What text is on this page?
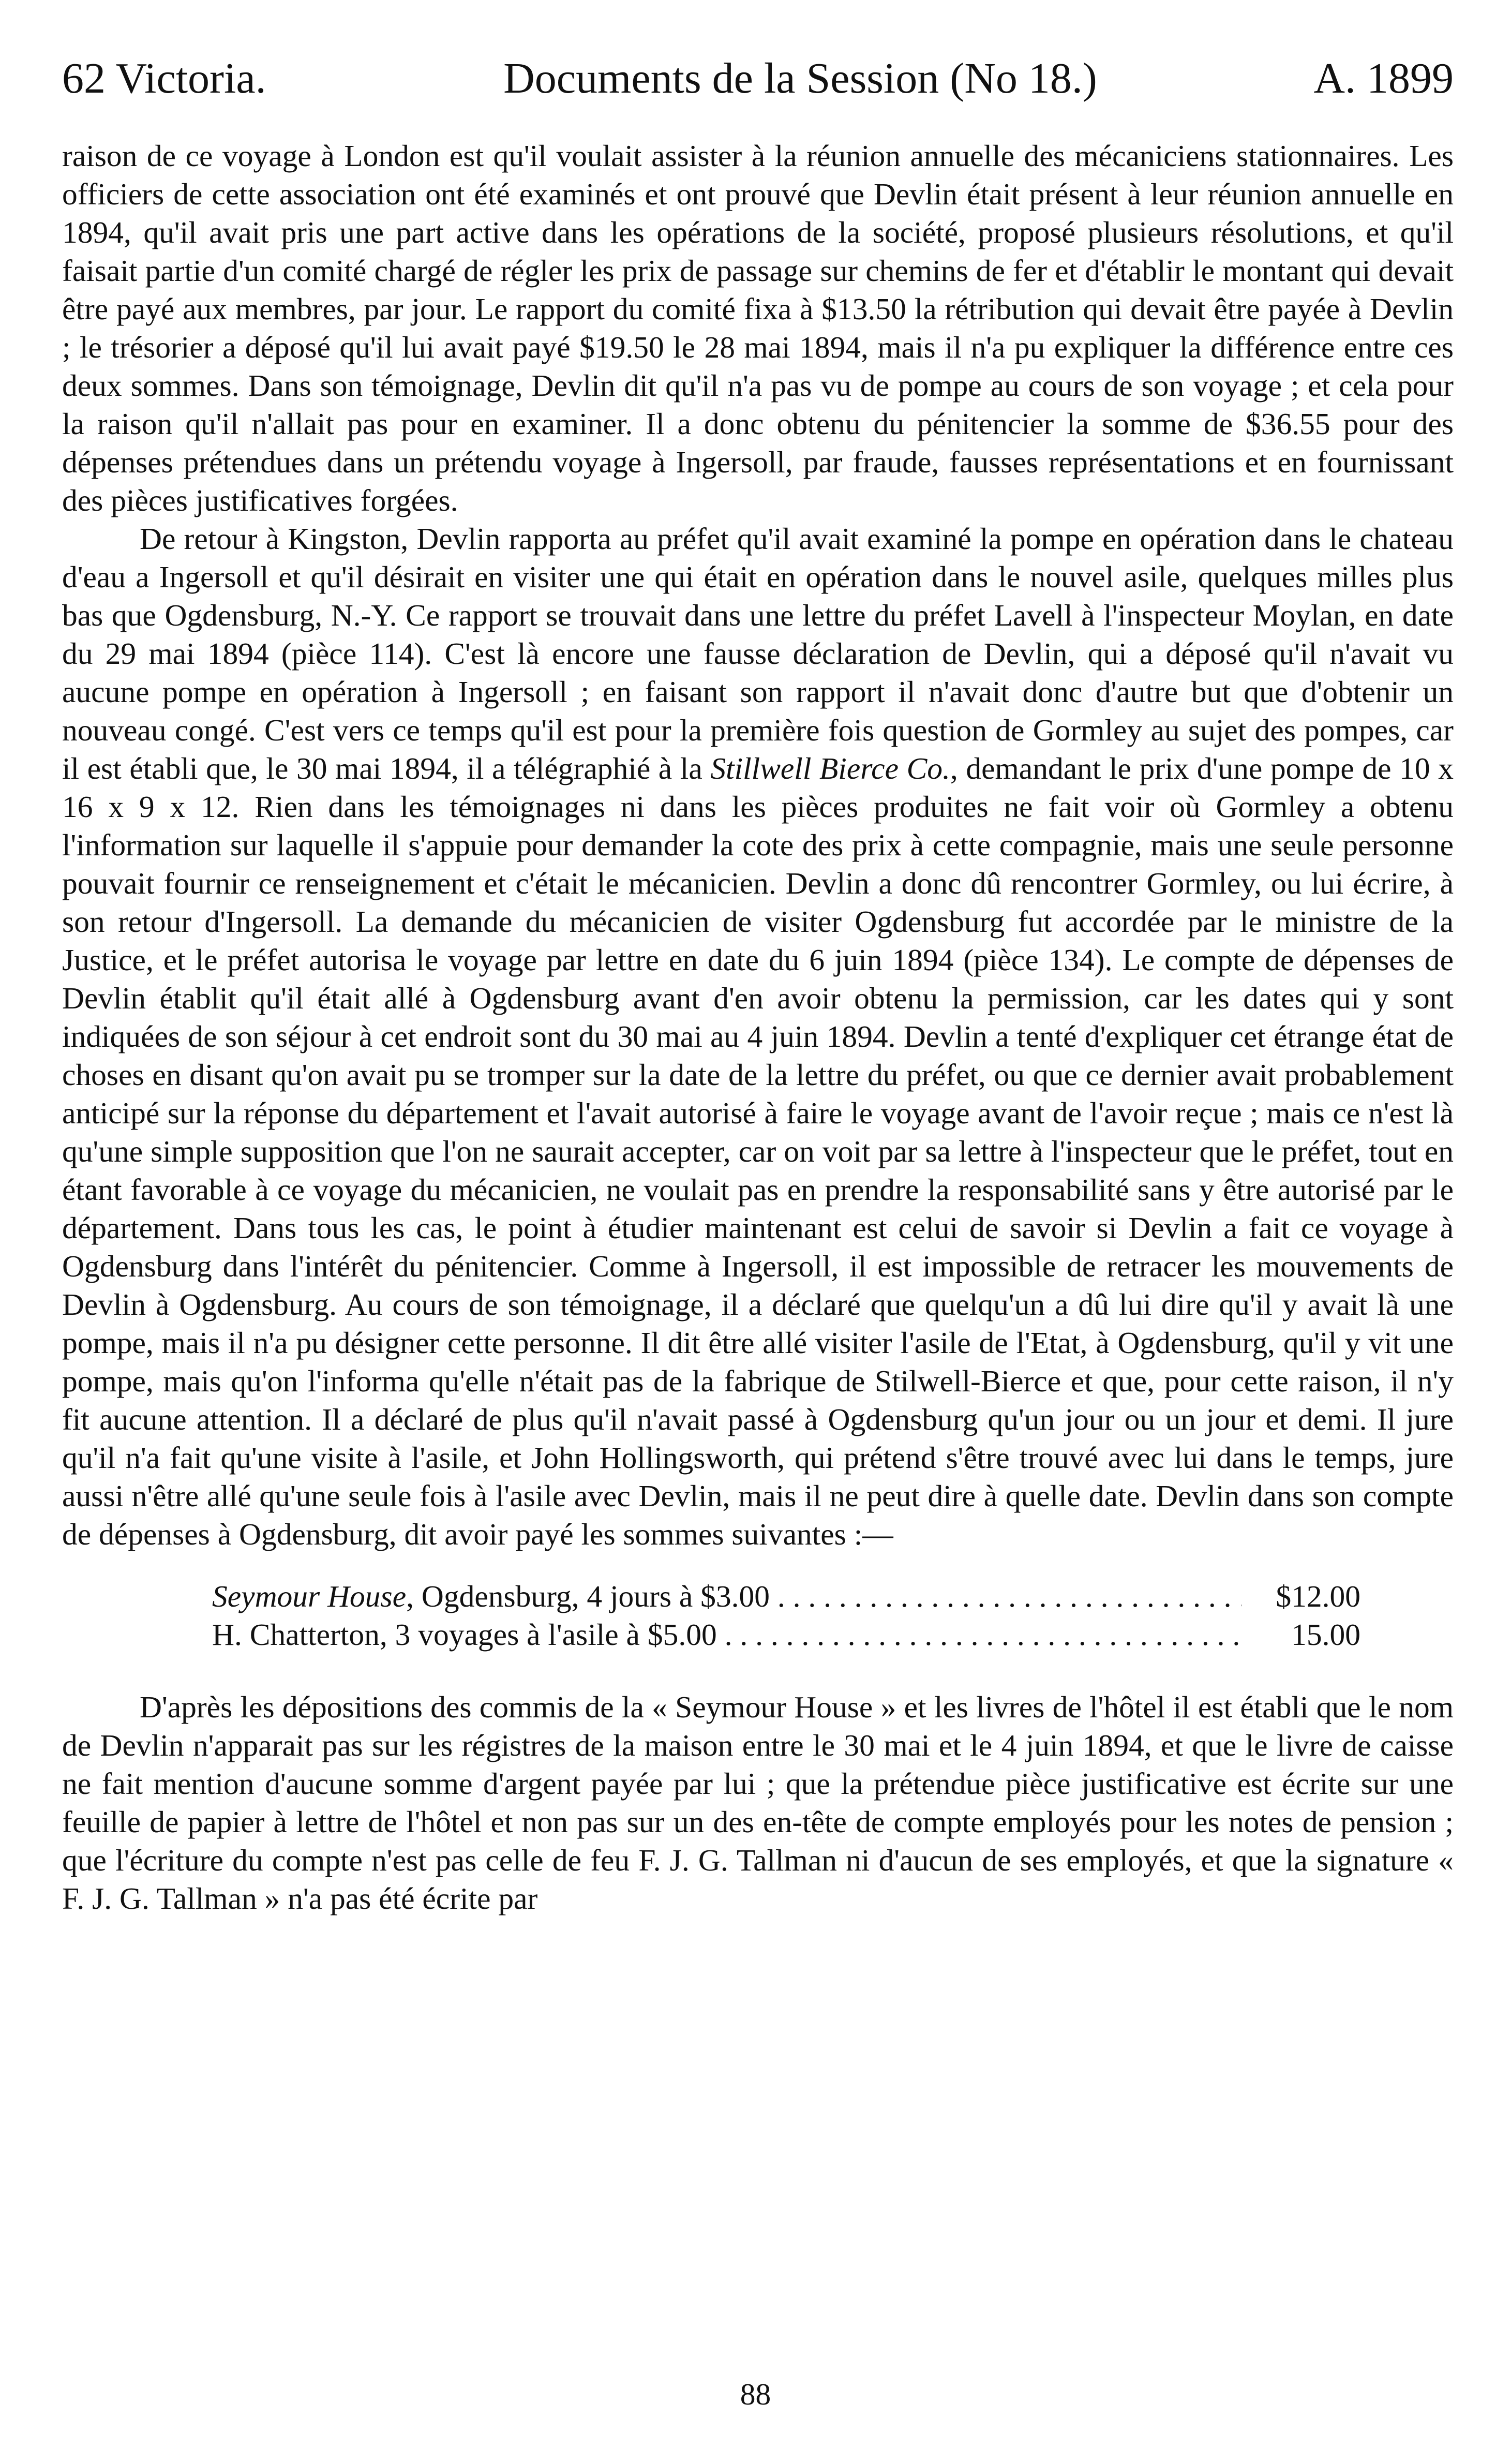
62 Victoria.	Documents de la Session (No 18.)	A. 1899

raison de ce voyage à London est qu'il voulait assister à la réunion annuelle des mécaniciens stationnaires. Les officiers de cette association ont été examinés et ont prouvé que Devlin était présent à leur réunion annuelle en 1894, qu'il avait pris une part active dans les opérations de la société, proposé plusieurs résolutions, et qu'il faisait partie d'un comité chargé de régler les prix de passage sur chemins de fer et d'établir le montant qui devait être payé aux membres, par jour. Le rapport du comité fixa à $13.50 la rétribution qui devait être payée à Devlin ; le trésorier a déposé qu'il lui avait payé $19.50 le 28 mai 1894, mais il n'a pu expliquer la différence entre ces deux sommes. Dans son témoignage, Devlin dit qu'il n'a pas vu de pompe au cours de son voyage ; et cela pour la raison qu'il n'allait pas pour en examiner. Il a donc obtenu du pénitencier la somme de $36.55 pour des dépenses prétendues dans un prétendu voyage à Ingersoll, par fraude, fausses représentations et en fournissant des pièces justificatives forgées.

De retour à Kingston, Devlin rapporta au préfet qu'il avait examiné la pompe en opération dans le chateau d'eau a Ingersoll et qu'il désirait en visiter une qui était en opération dans le nouvel asile, quelques milles plus bas que Ogdensburg, N.-Y. Ce rapport se trouvait dans une lettre du préfet Lavell à l'inspecteur Moylan, en date du 29 mai 1894 (pièce 114). C'est là encore une fausse déclaration de Devlin, qui a déposé qu'il n'avait vu aucune pompe en opération à Ingersoll ; en faisant son rapport il n'avait donc d'autre but que d'obtenir un nouveau congé. C'est vers ce temps qu'il est pour la première fois question de Gormley au sujet des pompes, car il est établi que, le 30 mai 1894, il a télégraphié à la Stillwell Bierce Co., demandant le prix d'une pompe de 10 x 16 x 9 x 12. Rien dans les témoignages ni dans les pièces produites ne fait voir où Gormley a obtenu l'information sur laquelle il s'appuie pour demander la cote des prix à cette compagnie, mais une seule personne pouvait fournir ce renseignement et c'était le mécanicien. Devlin a donc dû rencontrer Gormley, ou lui écrire, à son retour d'Ingersoll. La demande du mécanicien de visiter Ogdensburg fut accordée par le ministre de la Justice, et le préfet autorisa le voyage par lettre en date du 6 juin 1894 (pièce 134). Le compte de dépenses de Devlin établit qu'il était allé à Ogdensburg avant d'en avoir obtenu la permission, car les dates qui y sont indiquées de son séjour à cet endroit sont du 30 mai au 4 juin 1894. Devlin a tenté d'expliquer cet étrange état de choses en disant qu'on avait pu se tromper sur la date de la lettre du préfet, ou que ce dernier avait probablement anticipé sur la réponse du département et l'avait autorisé à faire le voyage avant de l'avoir reçue ; mais ce n'est là qu'une simple supposition que l'on ne saurait accepter, car on voit par sa lettre à l'inspecteur que le préfet, tout en étant favorable à ce voyage du mécanicien, ne voulait pas en prendre la responsabilité sans y être autorisé par le département. Dans tous les cas, le point à étudier maintenant est celui de savoir si Devlin a fait ce voyage à Ogdensburg dans l'intérêt du pénitencier. Comme à Ingersoll, il est impossible de retracer les mouvements de Devlin à Ogdensburg. Au cours de son témoignage, il a déclaré que quelqu'un a dû lui dire qu'il y avait là une pompe, mais il n'a pu désigner cette personne. Il dit être allé visiter l'asile de l'Etat, à Ogdensburg, qu'il y vit une pompe, mais qu'on l'informa qu'elle n'était pas de la fabrique de Stilwell-Bierce et que, pour cette raison, il n'y fit aucune attention. Il a déclaré de plus qu'il n'avait passé à Ogdensburg qu'un jour ou un jour et demi. Il jure qu'il n'a fait qu'une visite à l'asile, et John Hollingsworth, qui prétend s'être trouvé avec lui dans le temps, jure aussi n'être allé qu'une seule fois à l'asile avec Devlin, mais il ne peut dire à quelle date. Devlin dans son compte de dépenses à Ogdensburg, dit avoir payé les sommes suivantes :—

Seymour House, Ogdensburg, 4 jours à $3.00 . . .	$12.00
H. Chatterton, 3 voyages à l'asile à $5.00 . . .	15.00

D'après les dépositions des commis de la « Seymour House » et les livres de l'hôtel il est établi que le nom de Devlin n'apparait pas sur les régistres de la maison entre le 30 mai et le 4 juin 1894, et que le livre de caisse ne fait mention d'aucune somme d'argent payée par lui ; que la prétendue pièce justificative est écrite sur une feuille de papier à lettre de l'hôtel et non pas sur un des en-tête de compte employés pour les notes de pension ; que l'écriture du compte n'est pas celle de feu F. J. G. Tallman ni d'aucun de ses employés, et que la signature « F. J. G. Tallman » n'a pas été écrite par

88
